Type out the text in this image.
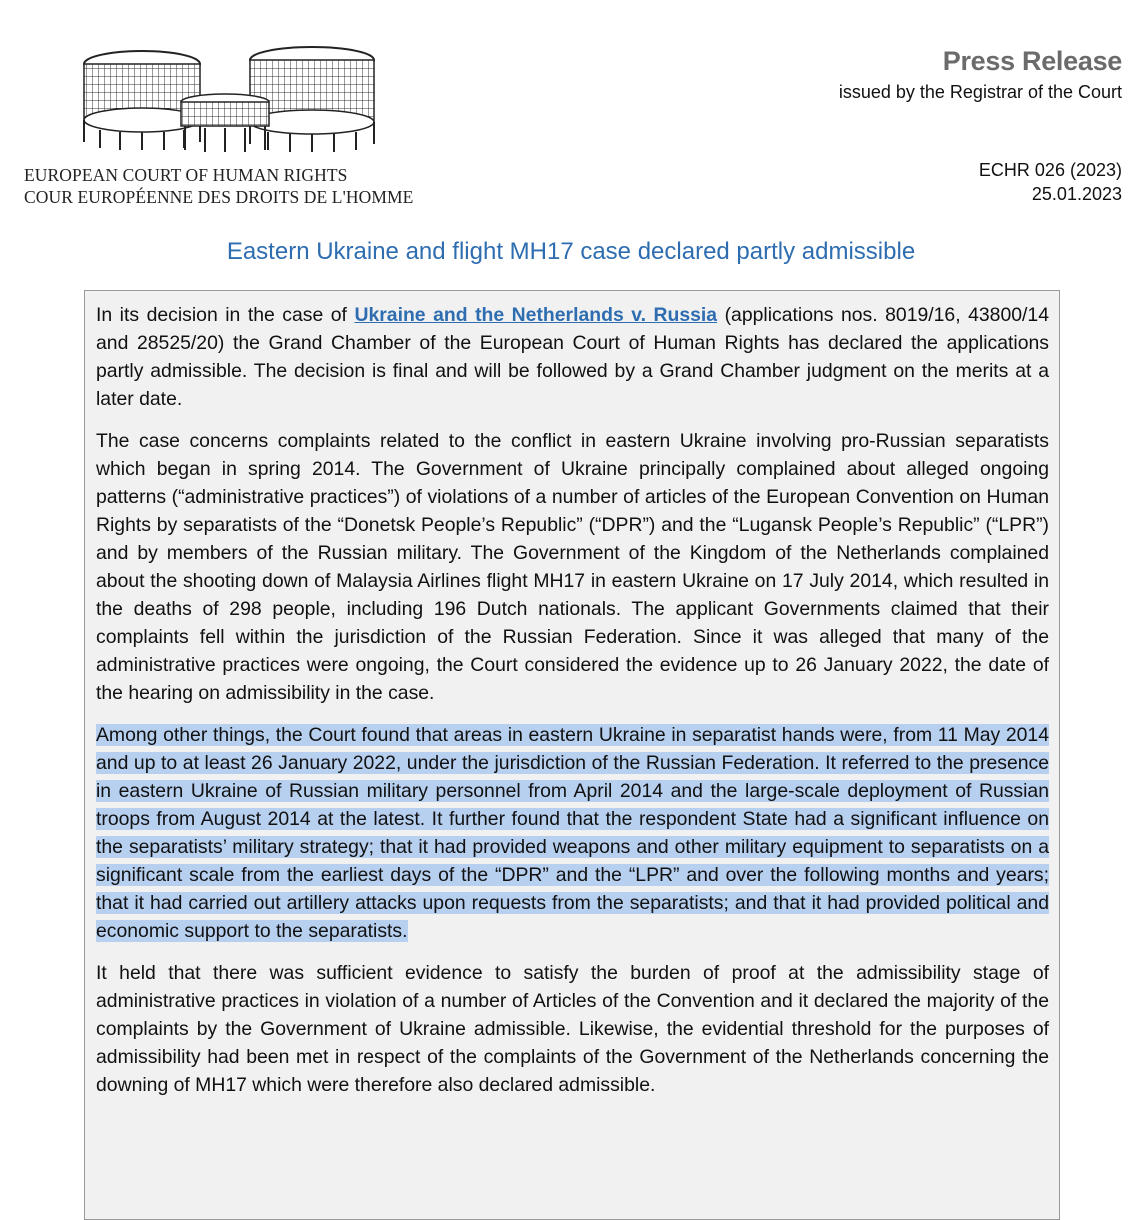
EUROPEAN COURT OF HUMAN RIGHTS
COUR EUROPÉENNE DES DROITS DE L'HOMME
Press Release
issued by the Registrar of the Court
ECHR 026 (2023)
25.01.2023
Eastern Ukraine and flight MH17 case declared partly admissible

In its decision in the case of Ukraine and the Netherlands v. Russia (applications nos. 8019/16, 43800/14 and 28525/20) the Grand Chamber of the European Court of Human Rights has declared the applications partly admissible. The decision is final and will be followed by a Grand Chamber judgment on the merits at a later date.

The case concerns complaints related to the conflict in eastern Ukraine involving pro-Russian separatists which began in spring 2014. The Government of Ukraine principally complained about alleged ongoing patterns (“administrative practices”) of violations of a number of articles of the European Convention on Human Rights by separatists of the “Donetsk People’s Republic” (“DPR”) and the “Lugansk People’s Republic” (“LPR”) and by members of the Russian military. The Government of the Kingdom of the Netherlands complained about the shooting down of Malaysia Airlines flight MH17 in eastern Ukraine on 17 July 2014, which resulted in the deaths of 298 people, including 196 Dutch nationals. The applicant Governments claimed that their complaints fell within the jurisdiction of the Russian Federation. Since it was alleged that many of the administrative practices were ongoing, the Court considered the evidence up to 26 January 2022, the date of the hearing on admissibility in the case.

Among other things, the Court found that areas in eastern Ukraine in separatist hands were, from 11 May 2014 and up to at least 26 January 2022, under the jurisdiction of the Russian Federation. It referred to the presence in eastern Ukraine of Russian military personnel from April 2014 and the large-scale deployment of Russian troops from August 2014 at the latest. It further found that the respondent State had a significant influence on the separatists’ military strategy; that it had provided weapons and other military equipment to separatists on a significant scale from the earliest days of the “DPR” and the “LPR” and over the following months and years; that it had carried out artillery attacks upon requests from the separatists; and that it had provided political and economic support to the separatists.

It held that there was sufficient evidence to satisfy the burden of proof at the admissibility stage of administrative practices in violation of a number of Articles of the Convention and it declared the majority of the complaints by the Government of Ukraine admissible. Likewise, the evidential threshold for the purposes of admissibility had been met in respect of the complaints of the Government of the Netherlands concerning the downing of MH17 which were therefore also declared admissible.
